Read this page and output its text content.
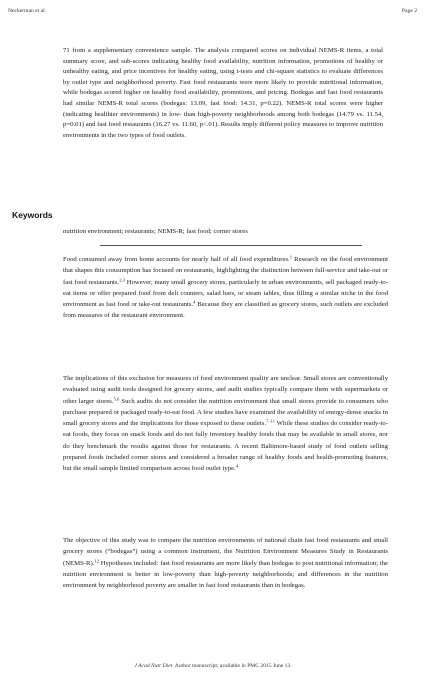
Neckerman et al.	Page 2

71 from a supplementary convenience sample. The analysis compared scores on individual NEMS-R items, a total summary score, and sub-scores indicating healthy food availability, nutrition information, promotions of healthy or unhealthy eating, and price incentives for healthy eating, using t-tests and chi-square statistics to evaluate differences by outlet type and neighborhood poverty. Fast food restaurants were more likely to provide nutritional information, while bodegas scored higher on healthy food availability, promotions, and pricing. Bodegas and fast food restaurants had similar NEMS-R total scores (bodegas: 13.09, fast food: 14.31, p=0.22). NEMS-R total scores were higher (indicating healthier environments) in low- than high-poverty neighborhoods among both bodegas (14.79 vs. 11.54, p=0.01) and fast food restaurants (16.27 vs. 11.60, p<.01). Results imply different policy measures to improve nutrition environments in the two types of food outlets.

Keywords

nutrition environment; restaurants; NEMS-R; fast food; corner stores

Food consumed away from home accounts for nearly half of all food expenditures.$^1$ Research on the food environment that shapes this consumption has focused on restaurants, highlighting the distinction between full-service and take-out or fast food restaurants.$^{2,3}$ However, many small grocery stores, particularly in urban environments, sell packaged ready-to-eat items or offer prepared food from deli counters, salad bars, or steam tables, thus filling a similar niche in the food environment as fast food or take-out restaurants.$^4$ Because they are classified as grocery stores, such outlets are excluded from measures of the restaurant environment.

The implications of this exclusion for measures of food environment quality are unclear. Small stores are conventionally evaluated using audit tools designed for grocery stores, and audit studies typically compare them with supermarkets or other larger stores.$^{5,6}$ Such audits do not consider the nutrition environment that small stores provide to consumers who purchase prepared or packaged ready-to-eat food. A few studies have examined the availability of energy-dense snacks in small grocery stores and the implications for those exposed to these outlets.$^{7-11}$ While these studies do consider ready-to-eat foods, they focus on snack foods and do not fully inventory healthy foods that may be available in small stores, nor do they benchmark the results against those for restaurants. A recent Baltimore-based study of food outlets selling prepared foods included corner stores and considered a broader range of healthy foods and health-promoting features, but the small sample limited comparison across food outlet type.$^4$

The objective of this study was to compare the nutrition environments of national chain fast food restaurants and small grocery stores (“bodegas”) using a common instrument, the Nutrition Environment Measures Study in Restaurants (NEMS-R).$^{12}$ Hypotheses included: fast food restaurants are more likely than bodegas to post nutritional information; the nutrition environment is better in low-poverty than high-poverty neighborhoods; and differences in the nutrition environment by neighborhood poverty are smaller in fast food restaurants than in bodegas.

J Acad Nutr Diet. Author manuscript; available in PMC 2015 June 13.
